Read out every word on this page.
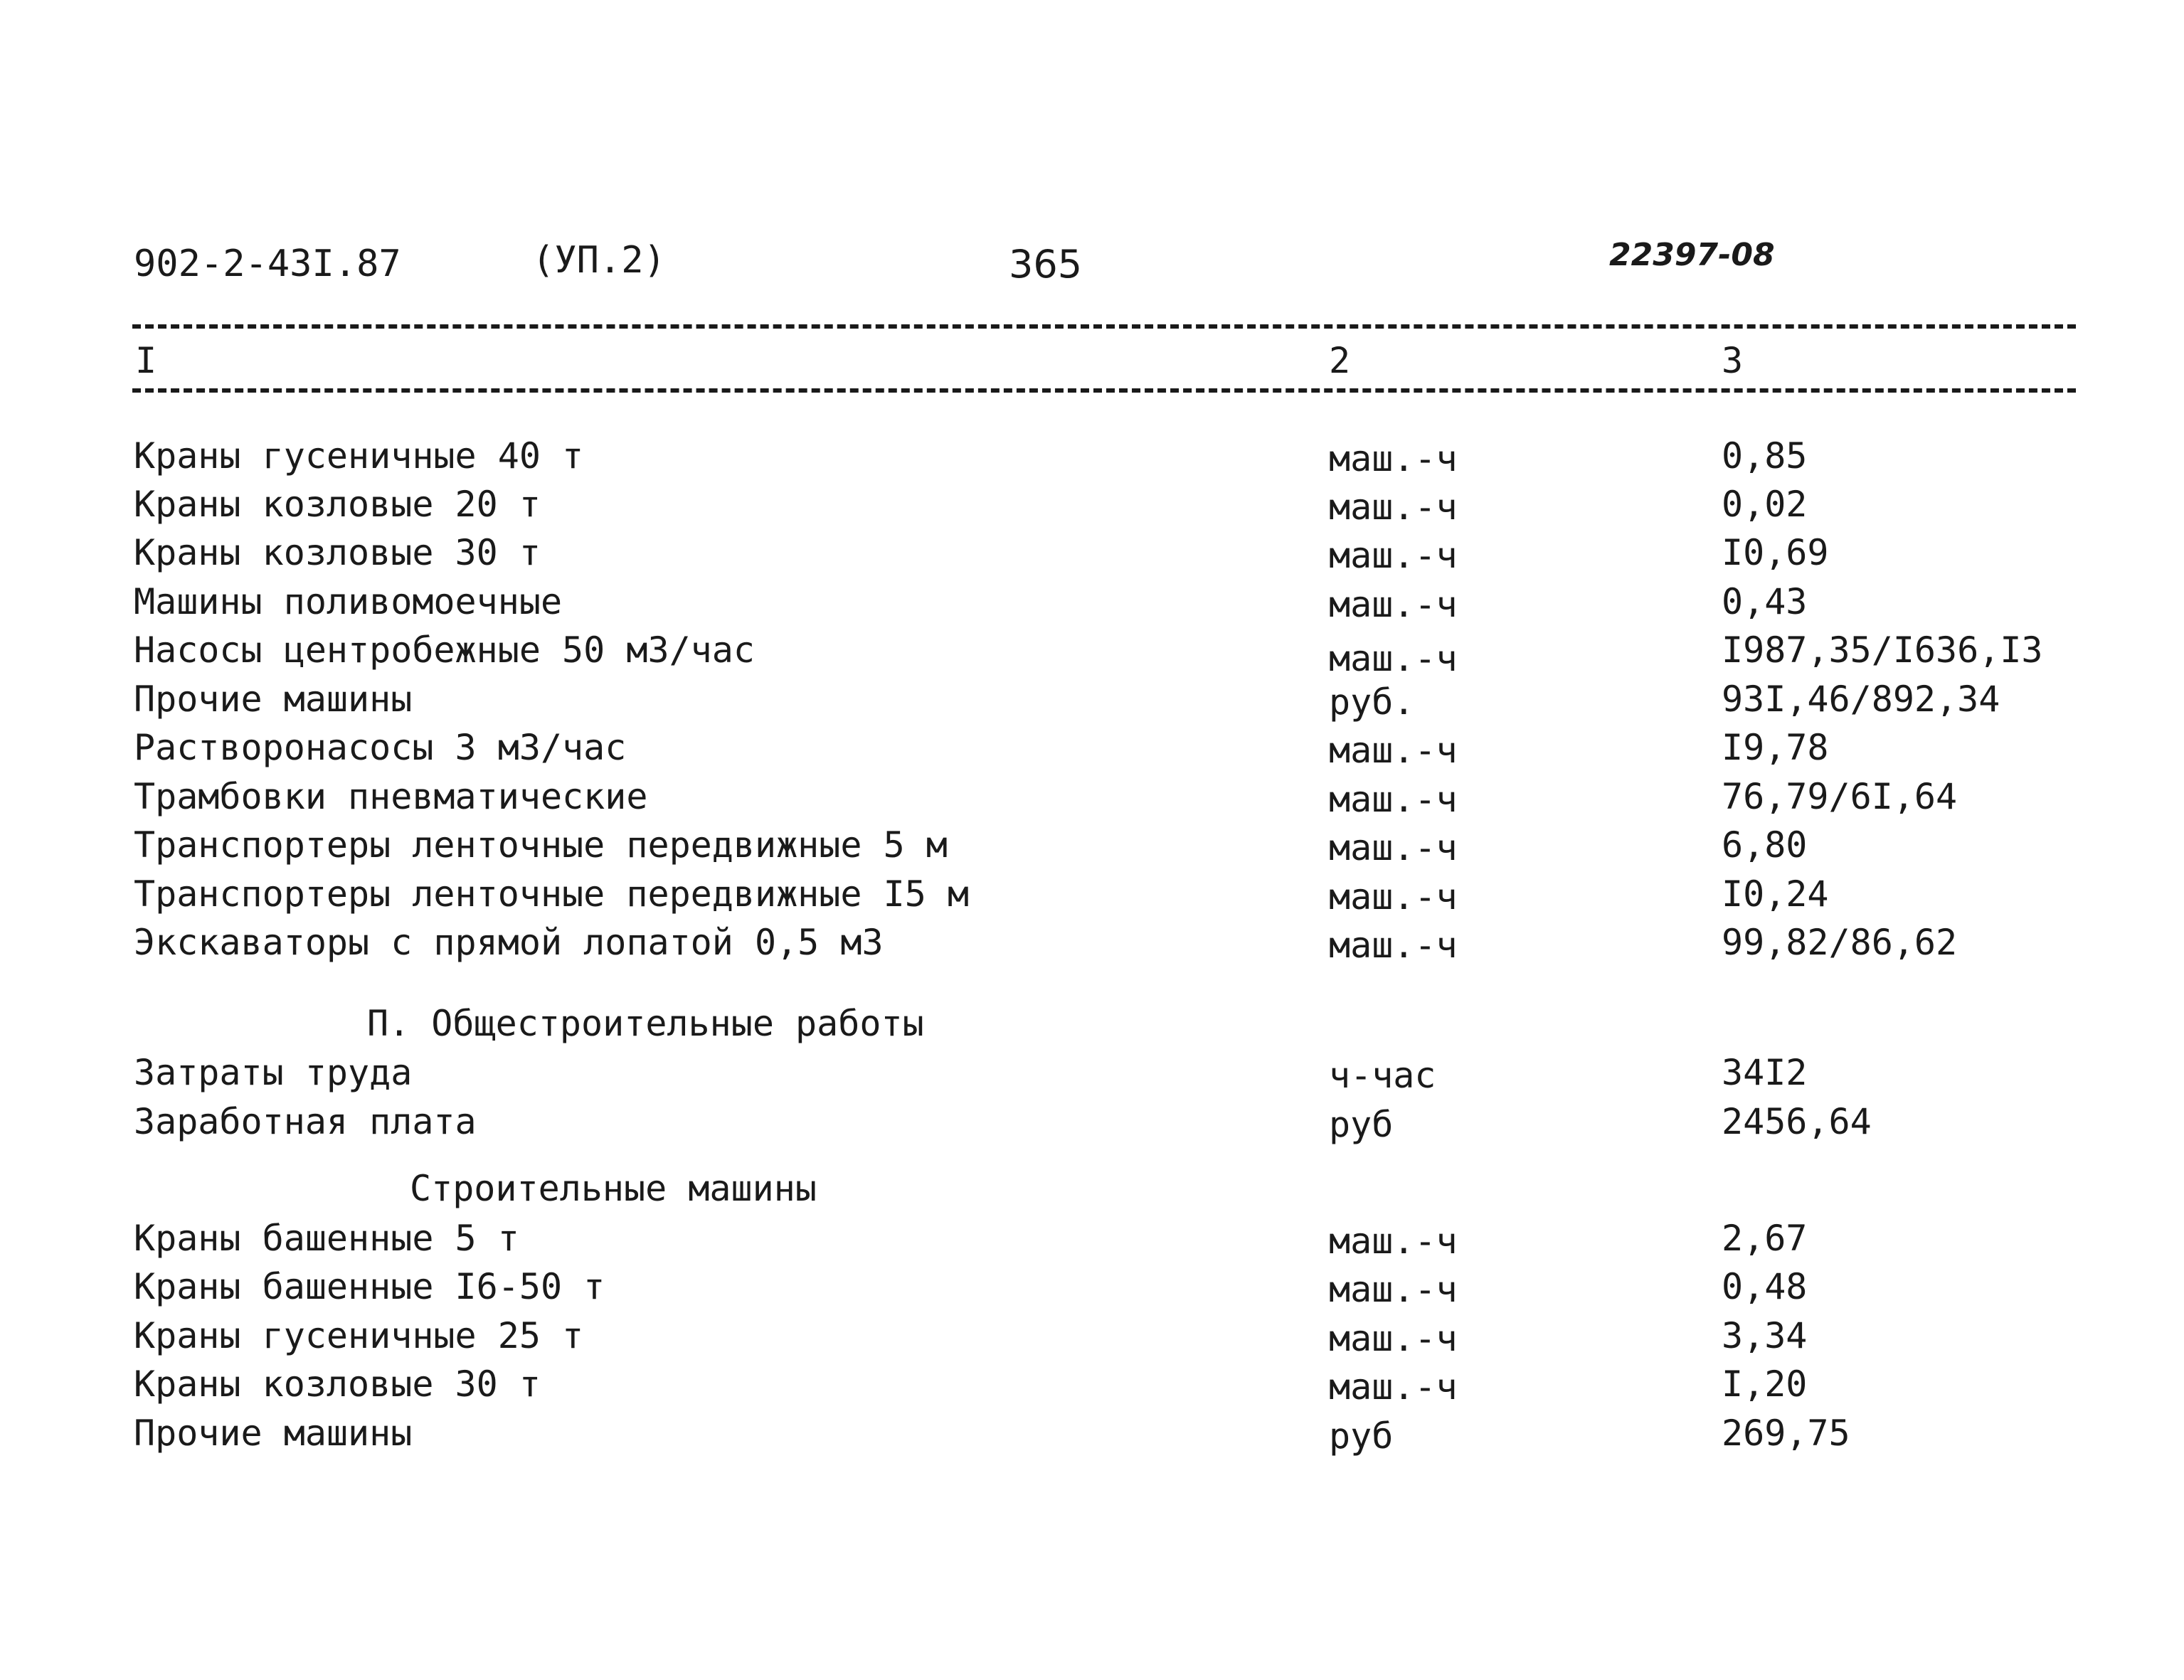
902-2-43I.87	(УП.2)	365	22397-08
I	2	3
Краны гусеничные 40 т	маш.-ч	0,85
Краны козловые 20 т	маш.-ч	0,02
Краны козловые 30 т	маш.-ч	I0,69
Машины поливомоечные	маш.-ч	0,43
Насосы центробежные 50 м3/час	маш.-ч	I987,35/I636,I3
Прочие машины	руб.	93I,46/892,34
Растворонасосы 3 м3/час	маш.-ч	I9,78
Трамбовки пневматические	маш.-ч	76,79/6I,64
Транспортеры ленточные передвижные 5 м	маш.-ч	6,80
Транспортеры ленточные передвижные I5 м	маш.-ч	I0,24
Экскаваторы с прямой лопатой 0,5 м3	маш.-ч	99,82/86,62
П. Общестроительные работы
Затраты труда	ч-час	34I2
Заработная плата	руб	2456,64
Строительные машины
Краны башенные 5 т	маш.-ч	2,67
Краны башенные I6-50 т	маш.-ч	0,48
Краны гусеничные 25 т	маш.-ч	3,34
Краны козловые 30 т	маш.-ч	I,20
Прочие машины	руб	269,75
